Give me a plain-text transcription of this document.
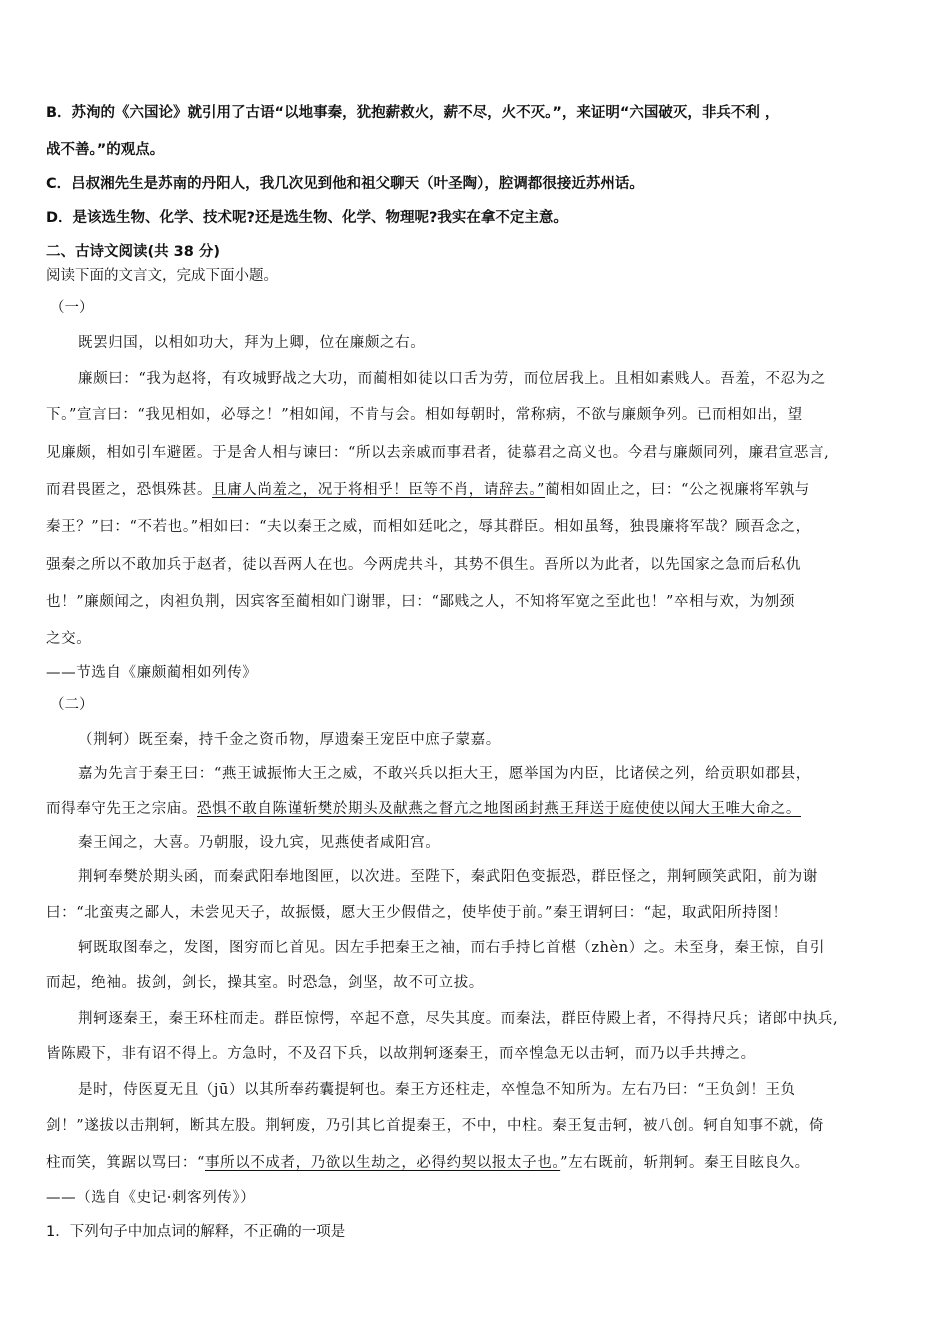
B．苏洵的《六国论》就引用了古语“以地事秦，犹抱薪救火，薪不尽，火不灭。”，来证明“六国破灭，非兵不利 ，
战不善。”的观点。
C．吕叔湘先生是苏南的丹阳人，我几次见到他和祖父聊天（叶圣陶），腔调都很接近苏州话。
D．是该选生物、化学、技术呢?还是选生物、化学、物理呢?我实在拿不定主意。
二、古诗文阅读(共 38 分)
阅读下面的文言文，完成下面小题。
（一）
既罢归国，以相如功大，拜为上卿，位在廉颇之右。
廉颇曰：“我为赵将，有攻城野战之大功，而蔺相如徒以口舌为劳，而位居我上。且相如素贱人。吾羞，不忍为之
下。”宣言曰：“我见相如，必辱之！”相如闻，不肯与会。相如每朝时，常称病，不欲与廉颇争列。已而相如出，望
见廉颇，相如引车避匿。于是舍人相与谏曰：“所以去亲戚而事君者，徒慕君之高义也。今君与廉颇同列，廉君宣恶言,
而君畏匿之，恐惧殊甚。且庸人尚羞之，况于将相乎！臣等不肖，请辞去。”蔺相如固止之，曰：“公之视廉将军孰与
秦王？”曰：“不若也。”相如曰：“夫以秦王之威，而相如廷叱之，辱其群臣。相如虽驽，独畏廉将军哉？顾吾念之，
强秦之所以不敢加兵于赵者，徒以吾两人在也。今两虎共斗，其势不俱生。吾所以为此者，以先国家之急而后私仇
也！”廉颇闻之，肉袒负荆，因宾客至蔺相如门谢罪，曰：“鄙贱之人，不知将军宽之至此也！”卒相与欢，为刎颈
之交。
——节选自《廉颇蔺相如列传》
（二）
（荆轲）既至秦，持千金之资币物，厚遗秦王宠臣中庶子蒙嘉。
嘉为先言于秦王曰：“燕王诚振怖大王之威，不敢兴兵以拒大王，愿举国为内臣，比诸侯之列，给贡职如郡县，
而得奉守先王之宗庙。恐惧不敢自陈谨斩樊於期头及献燕之督亢之地图函封燕王拜送于庭使使以闻大王唯大命之。
秦王闻之，大喜。乃朝服，设九宾，见燕使者咸阳宫。
荆轲奉樊於期头函，而秦武阳奉地图匣，以次进。至陛下，秦武阳色变振恐，群臣怪之，荆轲顾笑武阳，前为谢
曰：“北蛮夷之鄙人，未尝见天子，故振慑，愿大王少假借之，使毕使于前。”秦王谓轲曰：“起，取武阳所持图！
轲既取图奉之，发图，图穷而匕首见。因左手把秦王之袖，而右手持匕首椹（zhèn）之。未至身，秦王惊，自引
而起，绝袖。拔剑，剑长，操其室。时恐急，剑坚，故不可立拔。
荆轲逐秦王，秦王环柱而走。群臣惊愕，卒起不意，尽失其度。而秦法，群臣侍殿上者，不得持尺兵；诸郎中执兵,
皆陈殿下，非有诏不得上。方急时，不及召下兵，以故荆轲逐秦王，而卒惶急无以击轲，而乃以手共搏之。
是时，侍医夏无且（jū）以其所奉药囊提轲也。秦王方还柱走，卒惶急不知所为。左右乃曰：“王负剑！王负
剑！”遂拔以击荆轲，断其左股。荆轲废，乃引其匕首提秦王，不中，中柱。秦王复击轲，被八创。轲自知事不就，倚
柱而笑，箕踞以骂曰：“事所以不成者，乃欲以生劫之，必得约契以报太子也。”左右既前，斩荆轲。秦王目眩良久。
——（选自《史记·刺客列传》）
1．下列句子中加点词的解释，不正确的一项是
